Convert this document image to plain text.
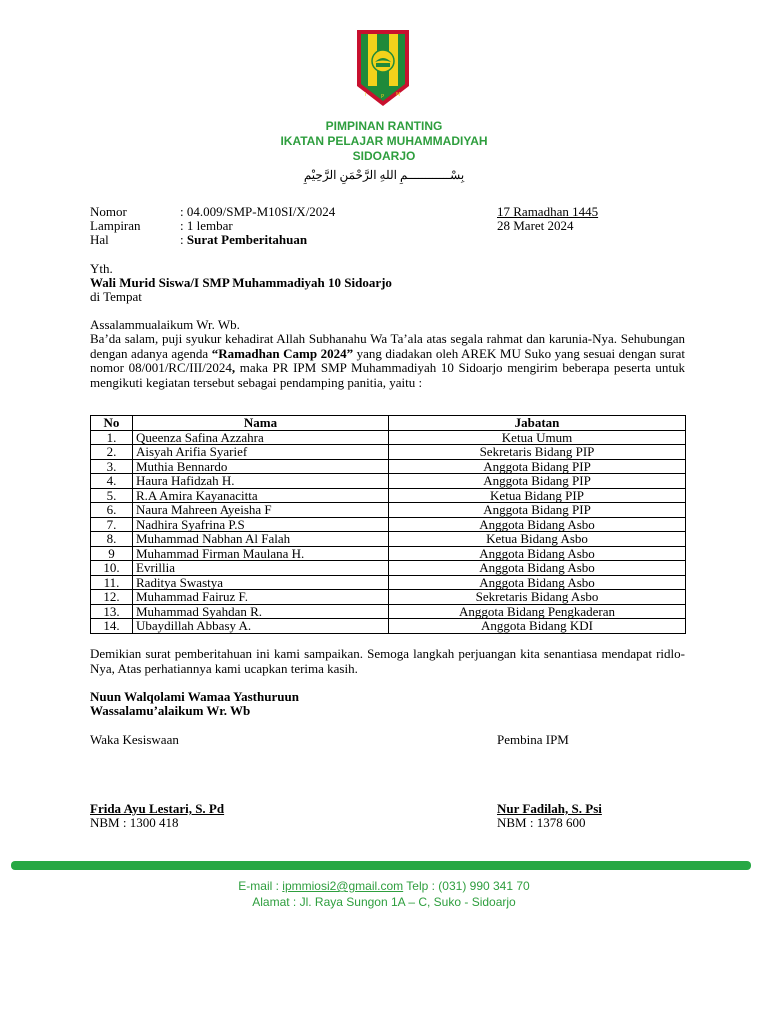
I	P M
PIMPINAN RANTING
IKATAN PELAJAR MUHAMMADIYAH
SIDOARJO
بِسْــــــــــــمِ اللهِ الرَّحْمَنِ الرَّحِيْمِ
Nomor	: 04.009/SMP-M10SI/X/2024
Lampiran	: 1 lembar
Hal	: Surat Pemberitahuan
17 Ramadhan 1445
28 Maret 2024
Yth.
Wali Murid Siswa/I SMP Muhammadiyah 10 Sidoarjo
di Tempat
Assalammualaikum Wr. Wb.
Ba’da salam, puji syukur kehadirat Allah Subhanahu Wa Ta’ala atas segala rahmat dan karunia-Nya. Sehubungan dengan adanya agenda “Ramadhan Camp 2024” yang diadakan oleh AREK MU Suko yang sesuai dengan surat nomor 08/001/RC/III/2024, maka PR IPM SMP Muhammadiyah 10 Sidoarjo mengirim beberapa peserta untuk mengikuti kegiatan tersebut sebagai pendamping panitia, yaitu :
No	Nama	Jabatan
1.	Queenza Safina Azzahra	Ketua Umum
2.	Aisyah Arifia Syarief	Sekretaris Bidang PIP
3.	Muthia Bennardo	Anggota Bidang PIP
4.	Haura Hafidzah H.	Anggota Bidang PIP
5.	R.A Amira Kayanacitta	Ketua Bidang PIP
6.	Naura Mahreen Ayeisha F	Anggota Bidang PIP
7.	Nadhira Syafrina P.S	Anggota Bidang Asbo
8.	Muhammad Nabhan Al Falah	Ketua Bidang Asbo
9	Muhammad Firman Maulana H.	Anggota Bidang Asbo
10.	Evrillia	Anggota Bidang Asbo
11.	Raditya Swastya	Anggota Bidang Asbo
12.	Muhammad Fairuz F.	Sekretaris Bidang Asbo
13.	Muhammad Syahdan R.	Anggota Bidang Pengkaderan
14.	Ubaydillah Abbasy A.	Anggota Bidang KDI
Demikian surat pemberitahuan ini kami sampaikan. Semoga langkah perjuangan kita senantiasa mendapat ridlo-Nya, Atas perhatiannya kami ucapkan terima kasih.
Nuun Walqolami Wamaa Yasthuruun
Wassalamu’alaikum Wr. Wb
Waka Kesiswaan	Pembina IPM
Frida Ayu Lestari, S. Pd
NBM : 1300 418
Nur Fadilah, S. Psi
NBM : 1378 600
E-mail : ipmmiosi2@gmail.com Telp : (031) 990 341 70
Alamat : Jl. Raya Sungon 1A – C, Suko - Sidoarjo
